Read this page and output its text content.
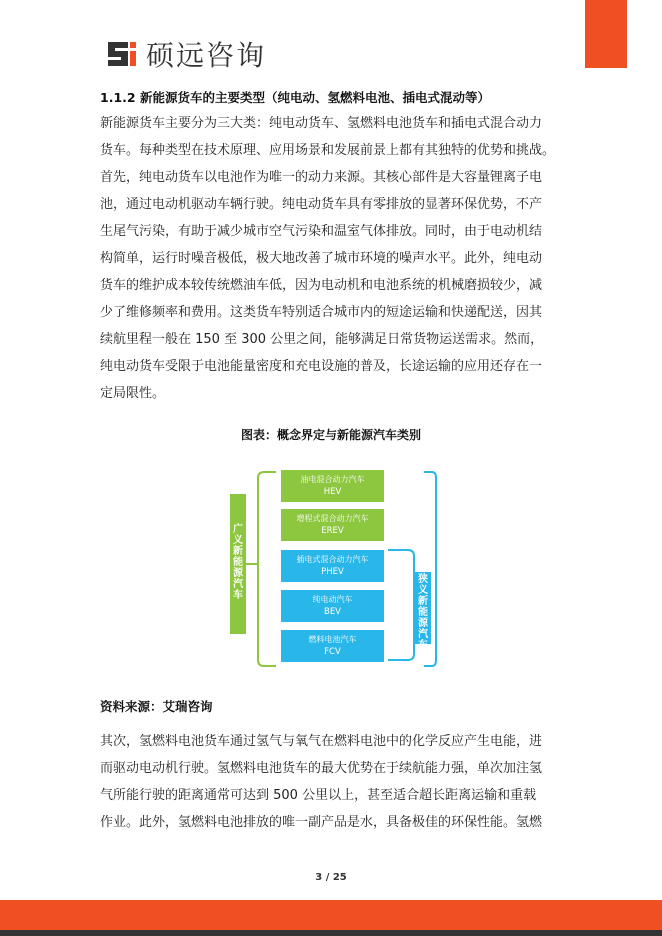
硕远咨询
1.1.2 新能源货车的主要类型（纯电动、氢燃料电池、插电式混动等）
新能源货车主要分为三大类：纯电动货车、氢燃料电池货车和插电式混合动力
货车。每种类型在技术原理、应用场景和发展前景上都有其独特的优势和挑战。
首先，纯电动货车以电池作为唯一的动力来源。其核心部件是大容量锂离子电
池，通过电动机驱动车辆行驶。纯电动货车具有零排放的显著环保优势，不产
生尾气污染，有助于减少城市空气污染和温室气体排放。同时，由于电动机结
构简单，运行时噪音极低，极大地改善了城市环境的噪声水平。此外，纯电动
货车的维护成本较传统燃油车低，因为电动机和电池系统的机械磨损较少，减
少了维修频率和费用。这类货车特别适合城市内的短途运输和快递配送，因其
续航里程一般在 150 至 300 公里之间，能够满足日常货物运送需求。然而，
纯电动货车受限于电池能量密度和充电设施的普及，长途运输的应用还存在一
定局限性。
图表：概念界定与新能源汽车类别
广
义
新
能
源
汽
车
狭
义
新
能
源
汽
车
油电混合动力汽车
HEV
增程式混合动力汽车
EREV
插电式混合动力汽车
PHEV
纯电动汽车
BEV
燃料电池汽车
FCV
资料来源：艾瑞咨询
其次，氢燃料电池货车通过氢气与氧气在燃料电池中的化学反应产生电能，进
而驱动电动机行驶。氢燃料电池货车的最大优势在于续航能力强，单次加注氢
气所能行驶的距离通常可达到 500 公里以上，甚至适合超长距离运输和重载
作业。此外，氢燃料电池排放的唯一副产品是水，具备极佳的环保性能。氢燃
3 / 25
